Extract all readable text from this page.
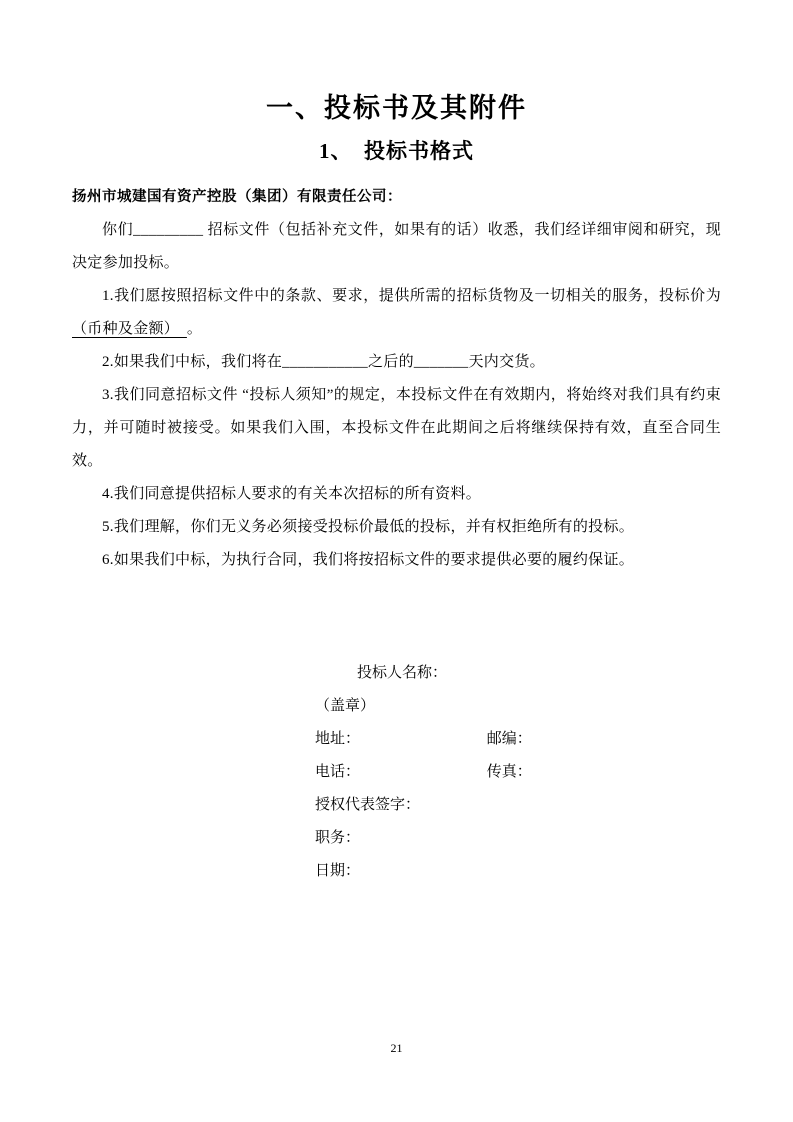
一、投标书及其附件
1、　投标书格式

扬州市城建国有资产控股（集团）有限责任公司：

你们_________ 招标文件（包括补充文件，如果有的话）收悉，我们经详细审阅和研究，现决定参加投标。

1.我们愿按照招标文件中的条款、要求，提供所需的招标货物及一切相关的服务，投标价为（币种及金额）　。

2.如果我们中标，我们将在___________之后的_______天内交货。

3.我们同意招标文件 “投标人须知”的规定，本投标文件在有效期内，将始终对我们具有约束力，并可随时被接受。如果我们入围，本投标文件在此期间之后将继续保持有效，直至合同生效。

4.我们同意提供招标人要求的有关本次招标的所有资料。

5.我们理解，你们无义务必须接受投标价最低的投标，并有权拒绝所有的投标。

6.如果我们中标，为执行合同，我们将按招标文件的要求提供必要的履约保证。

投标人名称：
（盖章）
地址：	邮编：
电话：	传真：
授权代表签字：
职务：
日期：
21
